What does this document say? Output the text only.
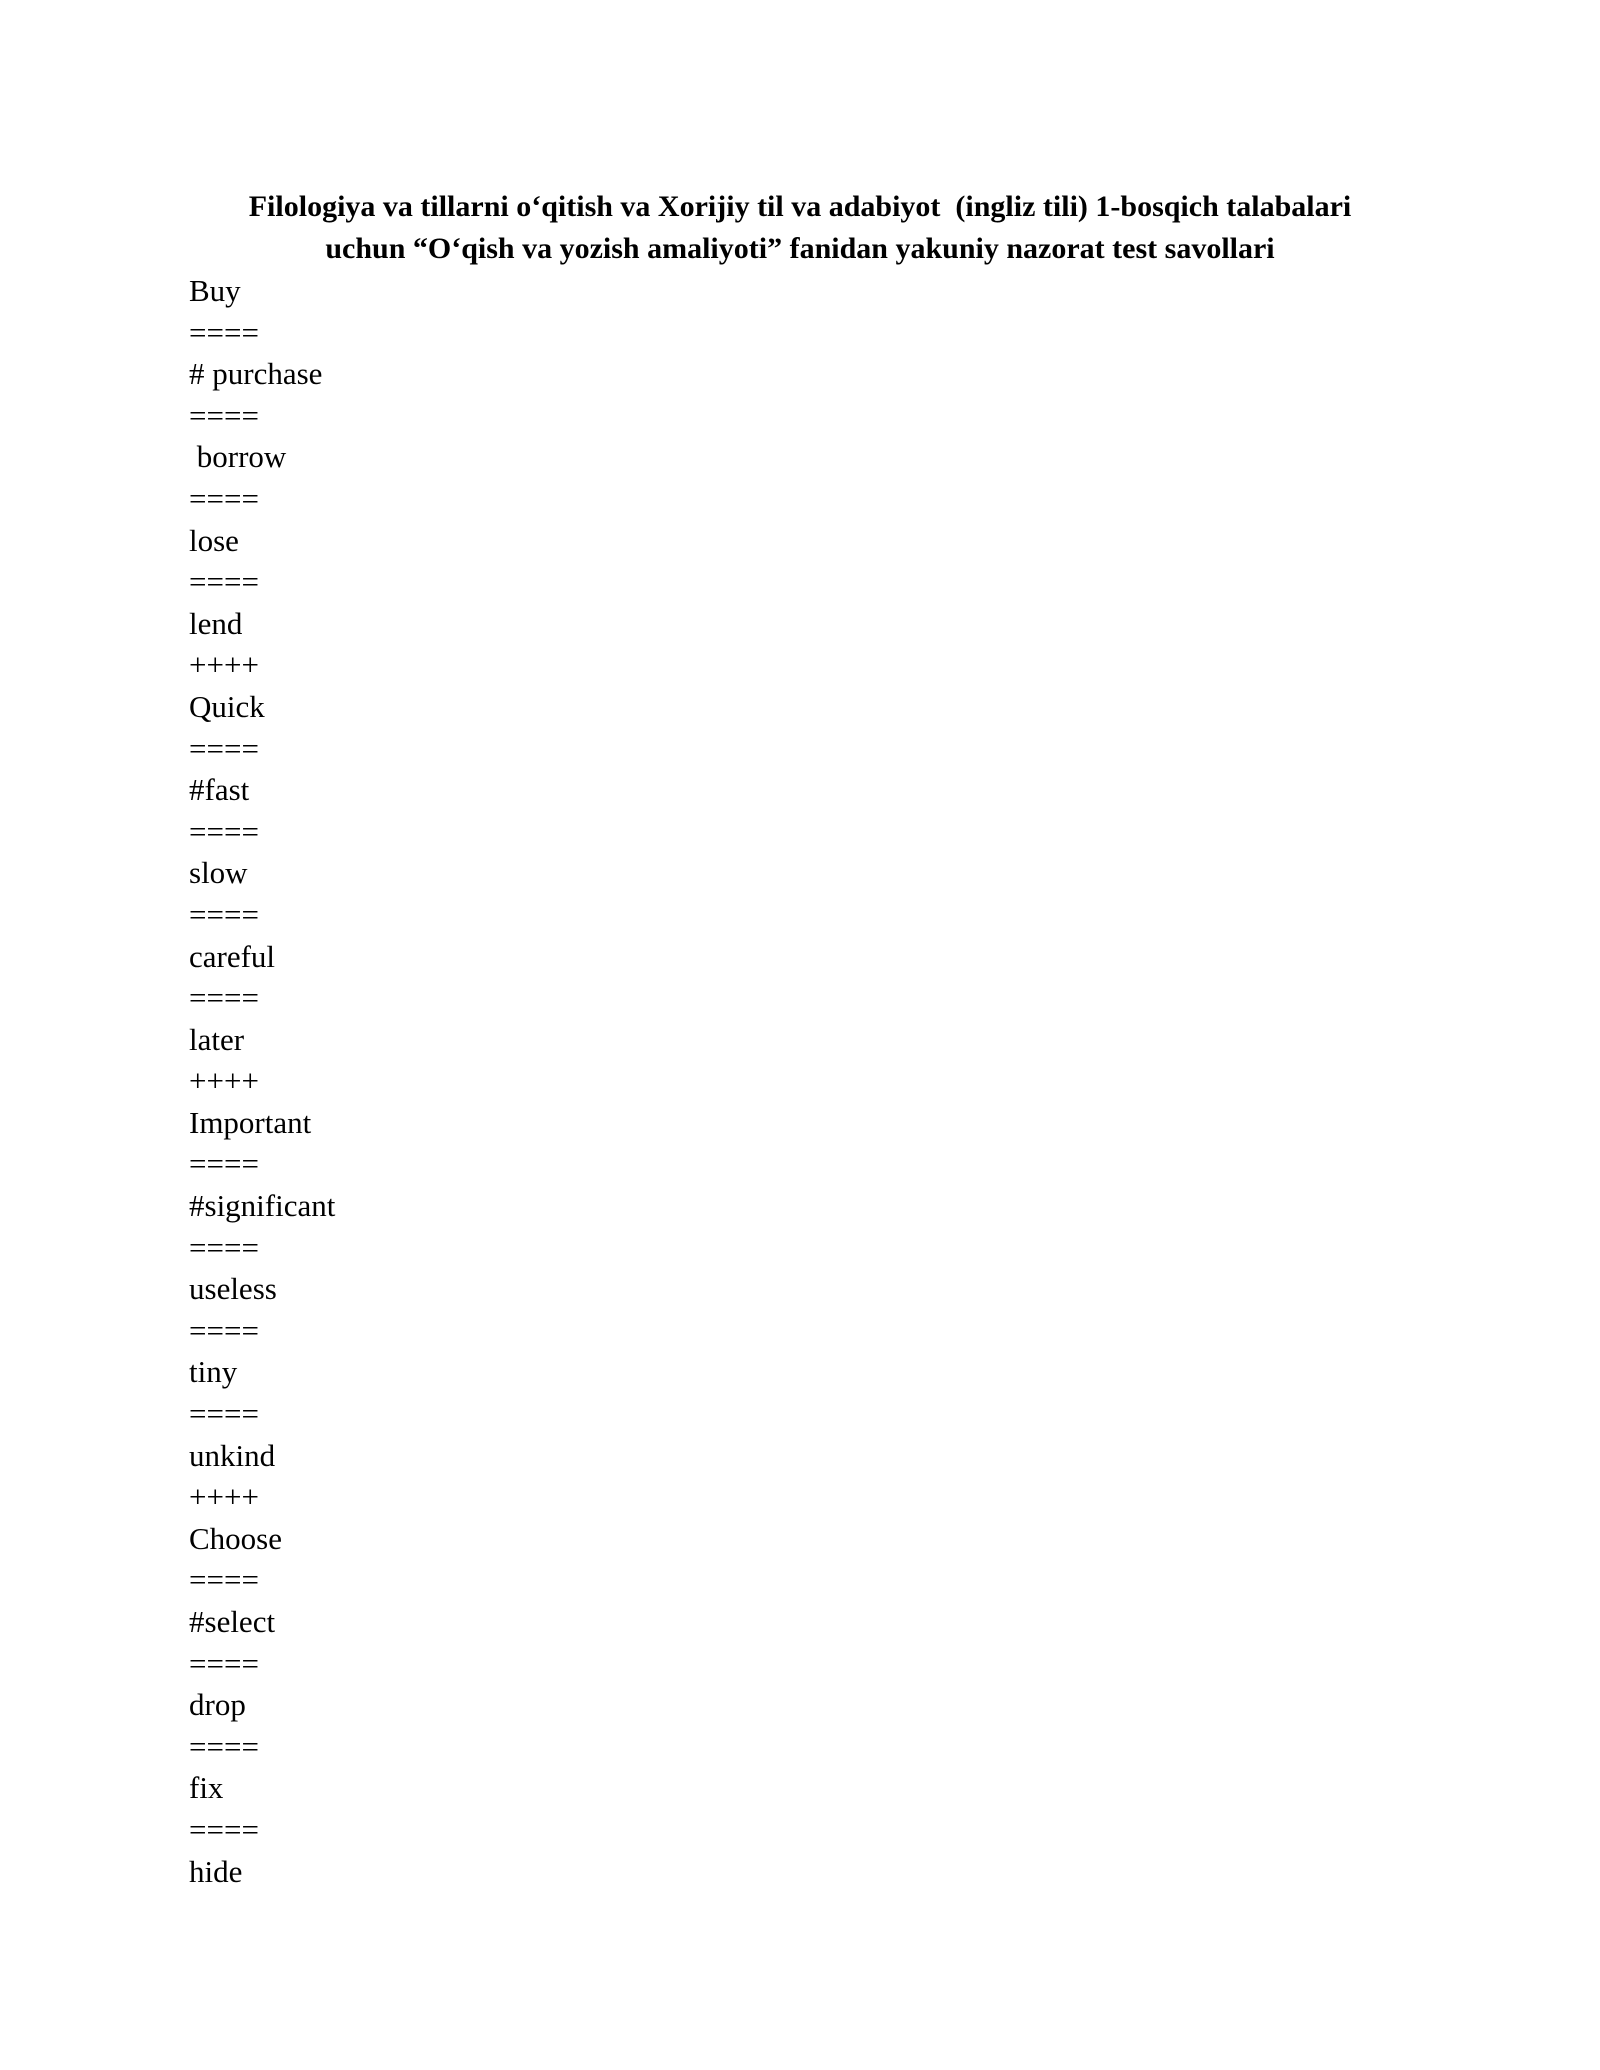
Filologiya va tillarni o‘qitish va Xorijiy til va adabiyot  (ingliz tili) 1-bosqich talabalari
uchun “O‘qish va yozish amaliyoti” fanidan yakuniy nazorat test savollari
Buy
====
# purchase
====
borrow
====
lose
====
lend
++++
Quick
====
#fast
====
slow
====
careful
====
later
++++
Important
====
#significant
====
useless
====
tiny
====
unkind
++++
Choose
====
#select
====
drop
====
fix
====
hide
